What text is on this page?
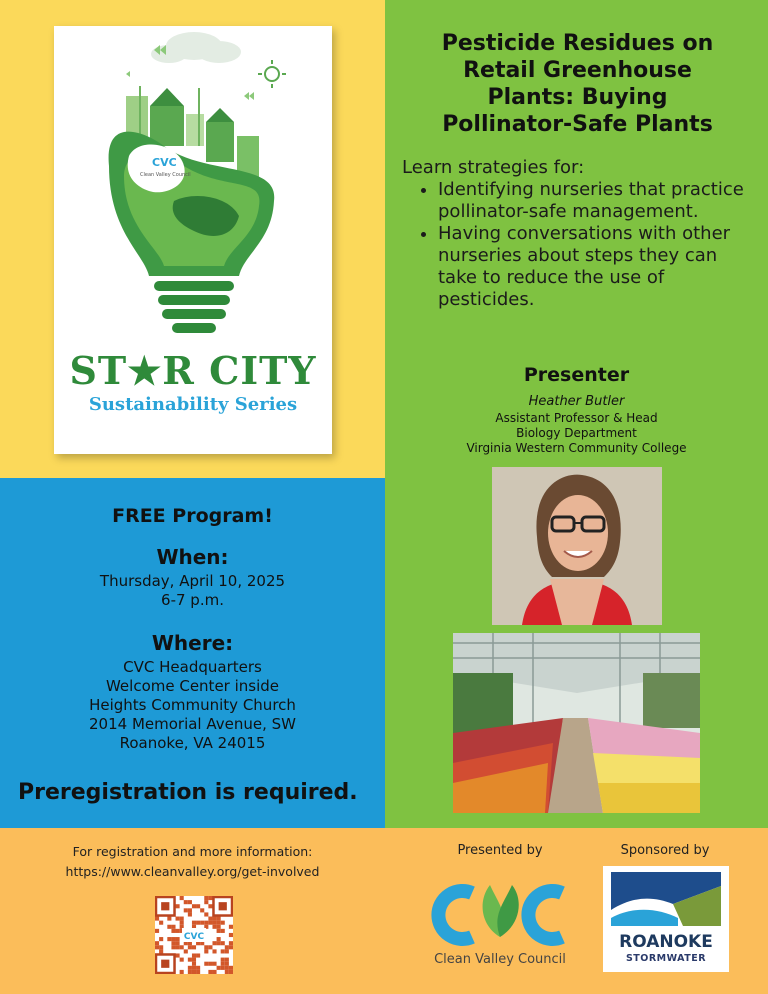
CVC
Clean Valley Council
ST★R CITY
Sustainability Series
Pesticide Residues on
Retail Greenhouse
Plants: Buying
Pollinator-Safe Plants
Learn strategies for:
• Identifying nurseries that practice pollinator-safe management.
• Having conversations with other nurseries about steps they can take to reduce the use of pesticides.
Presenter
Heather Butler
Assistant Professor & Head
Biology Department
Virginia Western Community College
FREE Program!
When:
Thursday, April 10, 2025
6-7 p.m.
Where:
CVC Headquarters
Welcome Center inside
Heights Community Church
2014 Memorial Avenue, SW
Roanoke, VA 24015
Preregistration is required.
For registration and more information:
https://www.cleanvalley.org/get-involved
CVC
Presented by	Sponsored by
Clean Valley Council
ROANOKE
STORMWATER
